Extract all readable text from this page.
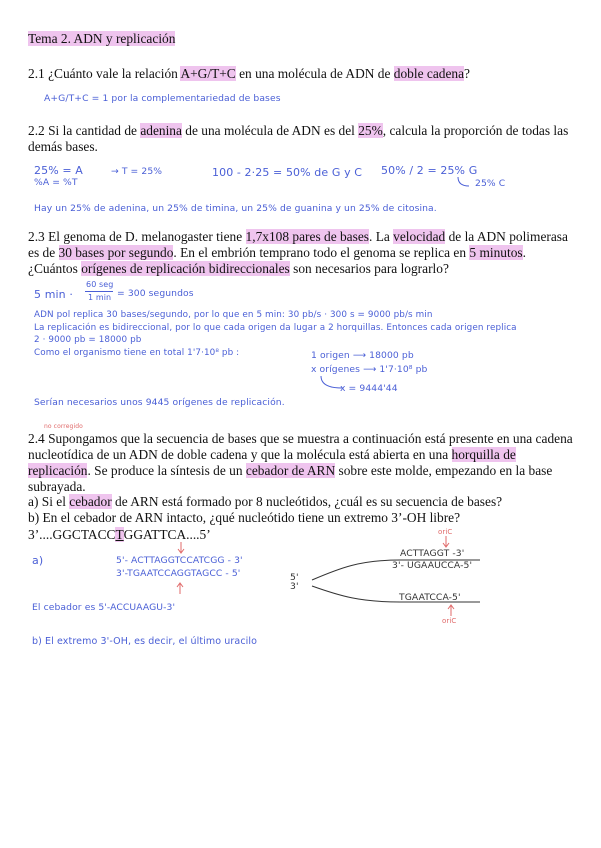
Tema 2. ADN y replicación
2.1 ¿Cuánto vale la relación A+G/T+C en una molécula de ADN de doble cadena?
A+G/T+C = 1 por la complementariedad de bases
2.2 Si la cantidad de adenina de una molécula de ADN es del 25%, calcula la proporción de todas las demás bases.
25% = A
%A = %T
→ T = 25%	100 - 2·25 = 50% de G y C 50% / 2 = 25% G
25% C
Hay un 25% de adenina, un 25% de timina, un 25% de guanina y un 25% de citosina.
2.3 El genoma de D. melanogaster tiene 1,7x108 pares de bases. La velocidad de la ADN polimerasa es de 30 bases por segundo. En el embrión temprano todo el genoma se replica en 5 minutos. ¿Cuántos orígenes de replicación bidireccionales son necesarios para lograrlo?
5 min ·
60 seg
1 min = 300 segundos
ADN pol replica 30 bases/segundo, por lo que en 5 min: 30 pb/s · 300 s = 9000 pb/s min
La replicación es bidireccional, por lo que cada origen da lugar a 2 horquillas. Entonces cada origen replica
2 · 9000 pb = 18000 pb
Como el organismo tiene en total 1'7·10⁸ pb :	1 origen ⟶ 18000 pb
x orígenes ⟶ 1'7·10⁸ pb
x = 9444'44
Serían necesarios unos 9445 orígenes de replicación.
no corregido
2.4 Supongamos que la secuencia de bases que se muestra a continuación está presente en una cadena nucleotídica de un ADN de doble cadena y que la molécula está abierta en una horquilla de replicación. Se produce la síntesis de un cebador de ARN sobre este molde, empezando en la base subrayada.
a) Si el cebador de ARN está formado por 8 nucleótidos, ¿cuál es su secuencia de bases?
b) En el cebador de ARN intacto, ¿qué nucleótido tiene un extremo 3’-OH libre?
3’....GGCTACCTGGATTCA....5’
a)	5'- ACTTAGGTCCATCGG - 3'
3'-TGAATCCAGGTAGCC - 5'	5'
3'
oriC
ACTTAGGT -3'
3'- UGAAUCCA-5'
TGAATCCA-5'
oriC
El cebador es 5'-ACCUAAGU-3'
b) El extremo 3'-OH, es decir, el último uracilo
